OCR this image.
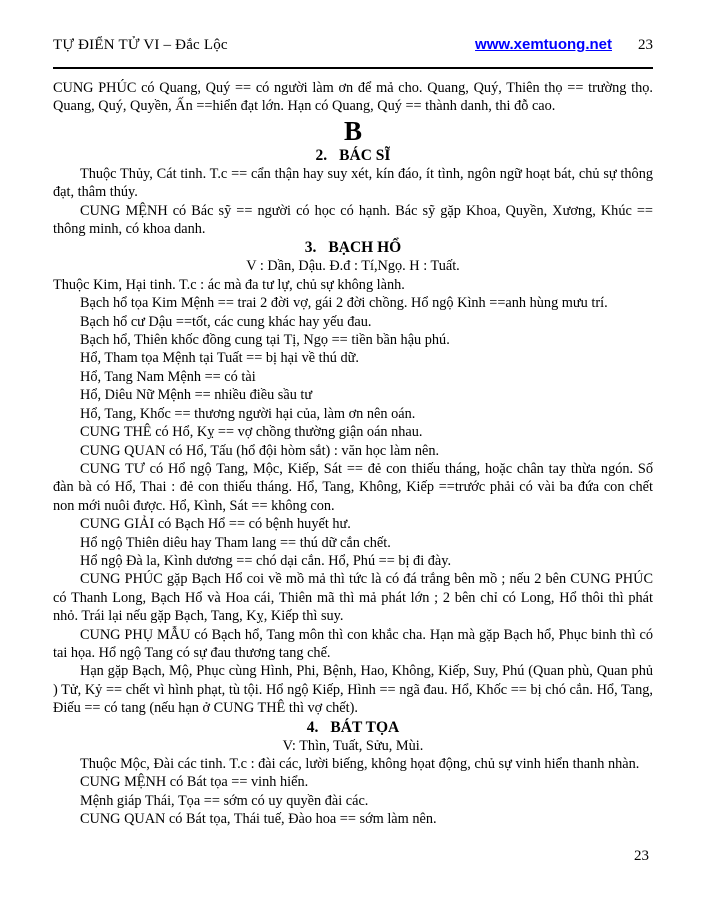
TỰ ĐIỂN TỬ VI – Đắc Lộc	www.xemtuong.net 23

CUNG PHÚC có Quang, Quý == có người làm ơn để mả cho. Quang, Quý, Thiên thọ == trường thọ. Quang, Quý, Quyền, Ấn ==hiển đạt lớn. Hạn có Quang, Quý == thành danh, thi đỗ cao.

B
2. BÁC SĨ

Thuộc Thủy, Cát tinh. T.c == cẩn thận hay suy xét, kín đáo, ít tình, ngôn ngữ hoạt bát, chủ sự thông đạt, thâm thúy.

CUNG MỆNH có Bác sỹ == người có học có hạnh. Bác sỹ gặp Khoa, Quyền, Xương, Khúc == thông minh, có khoa danh.

3. BẠCH HỔ

V : Dần, Dậu. Đ.đ : Tí,Ngọ. H : Tuất.

Thuộc Kim, Hại tinh. T.c : ác mà đa tư lự, chủ sự không lành.

Bạch hổ tọa Kim Mệnh == trai 2 đời vợ, gái 2 đời chồng. Hổ ngộ Kình ==anh hùng mưu trí.

Bạch hổ cư Dậu ==tốt, các cung khác hay yếu đau.

Bạch hổ, Thiên khốc đồng cung tại Tị, Ngọ == tiền bần hậu phú.

Hổ, Tham tọa Mệnh tại Tuất == bị hại về thú dữ.

Hổ, Tang Nam Mệnh == có tài

Hổ, Diêu Nữ Mệnh == nhiều điều sầu tư

Hổ, Tang, Khốc == thương người hại của, làm ơn nên oán.

CUNG THÊ có Hổ, Kỵ == vợ chồng thường giận oán nhau.

CUNG QUAN có Hổ, Tấu (hổ đội hòm sắt) : văn học làm nên.

CUNG TƯ có Hổ ngộ Tang, Mộc, Kiếp, Sát == đẻ con thiếu tháng, hoặc chân tay thừa ngón. Số đàn bà có Hổ, Thai : đẻ con thiếu tháng. Hổ, Tang, Không, Kiếp ==trước phải có vài ba đứa con chết non mới nuôi được. Hổ, Kình, Sát == không con.

CUNG GIẢI có Bạch Hổ == có bệnh huyết hư.

Hổ ngộ Thiên diêu hay Tham lang == thú dữ cắn chết.

Hổ ngộ Đà la, Kình dương == chó dại cắn. Hổ, Phú == bị đi đày.

CUNG PHÚC gặp Bạch Hổ coi về mồ mả thì tức là có đá trắng bên mồ ; nếu 2 bên CUNG PHÚC có Thanh Long, Bạch Hổ và Hoa cái, Thiên mã thì mả phát lớn ; 2 bên chỉ có Long, Hổ thôi thì phát nhỏ. Trái lại nếu gặp Bạch, Tang, Kỵ, Kiếp thì suy.

CUNG PHỤ MẪU có Bạch hổ, Tang môn thì con khắc cha. Hạn mà gặp Bạch hổ, Phục binh thì có tai họa. Hổ ngộ Tang có sự đau thương tang chế.

Hạn gặp Bạch, Mộ, Phục cùng Hình, Phi, Bệnh, Hao, Không, Kiếp, Suy, Phú (Quan phù, Quan phủ ) Tử, Kỷ == chết vì hình phạt, tù tội. Hổ ngộ Kiếp, Hình == ngã đau. Hổ, Khốc == bị chó cắn. Hổ, Tang, Điếu == có tang (nếu hạn ở CUNG THÊ thì vợ chết).

4. BÁT TỌA

V: Thìn, Tuất, Sửu, Mùi.

Thuộc Mộc, Đài các tinh. T.c : đài các, lười biếng, không họat động, chủ sự vinh hiển thanh nhàn.

CUNG MỆNH có Bát tọa == vinh hiển.

Mệnh giáp Thái, Tọa == sớm có uy quyền đài các.

CUNG QUAN có Bát tọa, Thái tuế, Đào hoa == sớm làm nên.

23
